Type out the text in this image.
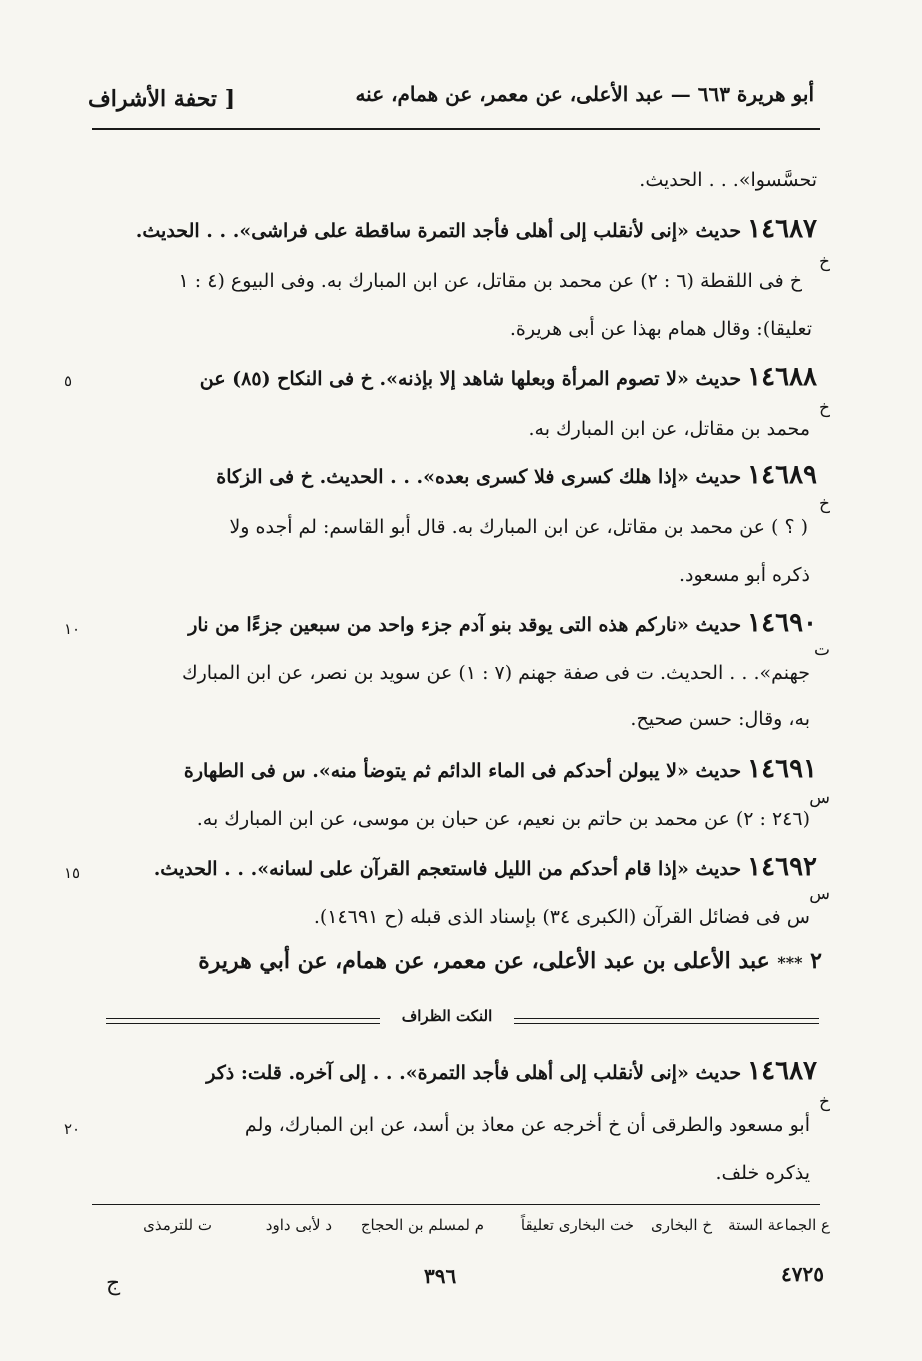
أبو هريرة ٦٦٣ — عبد الأعلى، عن معمر، عن همام، عنه
[ تحفة الأشراف
تحسَّسوا». . . الحديث.
١٤٦٨٧ حديث «إنى لأنقلب إلى أهلى فأجد التمرة ساقطة على فراشى». . . الحديث.
خ
خ فى اللقطة (٦ : ٢) عن محمد بن مقاتل، عن ابن المبارك به. وفى البيوع (٤ : ١
تعليقا): وقال همام بهذا عن أبى هريرة.
١٤٦٨٨ حديث «لا تصوم المرأة وبعلها شاهد إلا بإذنه». خ فى النكاح (٨٥) عن
٥
خ
محمد بن مقاتل، عن ابن المبارك به.
١٤٦٨٩ حديث «إذا هلك كسرى فلا كسرى بعده». . . الحديث. خ فى الزكاة
خ
( ؟ ) عن محمد بن مقاتل، عن ابن المبارك به. قال أبو القاسم: لم أجده ولا
ذكره أبو مسعود.
١٤٦٩٠ حديث «ناركم هذه التى يوقد بنو آدم جزء واحد من سبعين جزءًا من نار
١٠
ت
جهنم». . . الحديث. ت فى صفة جهنم (٧ : ١) عن سويد بن نصر، عن ابن المبارك
به، وقال: حسن صحيح.
١٤٦٩١ حديث «لا يبولن أحدكم فى الماء الدائم ثم يتوضأ منه». س فى الطهارة
س
(٢٤٦ : ٢) عن محمد بن حاتم بن نعيم، عن حبان بن موسى، عن ابن المبارك به.
١٤٦٩٢ حديث «إذا قام أحدكم من الليل فاستعجم القرآن على لسانه». . . الحديث.
١٥
س
س فى فضائل القرآن (الكبرى ٣٤) بإسناد الذى قبله (ح ١٤٦٩١).
٢ *** عبد الأعلى بن عبد الأعلى، عن معمر، عن همام، عن أبي هريرة
النكت الظراف
١٤٦٨٧ حديث «إنى لأنقلب إلى أهلى فأجد التمرة». . . إلى آخره. قلت: ذكر
خ
أبو مسعود والطرقى أن خ أخرجه عن معاذ بن أسد، عن ابن المبارك، ولم
٢٠
يذكره خلف.
ع الجماعة الستة
خ البخارى
خت البخارى تعليقاً
م لمسلم بن الحجاج
د لأبى داود
ت للترمذى
ج	٣٩٦	٤٧٢٥
